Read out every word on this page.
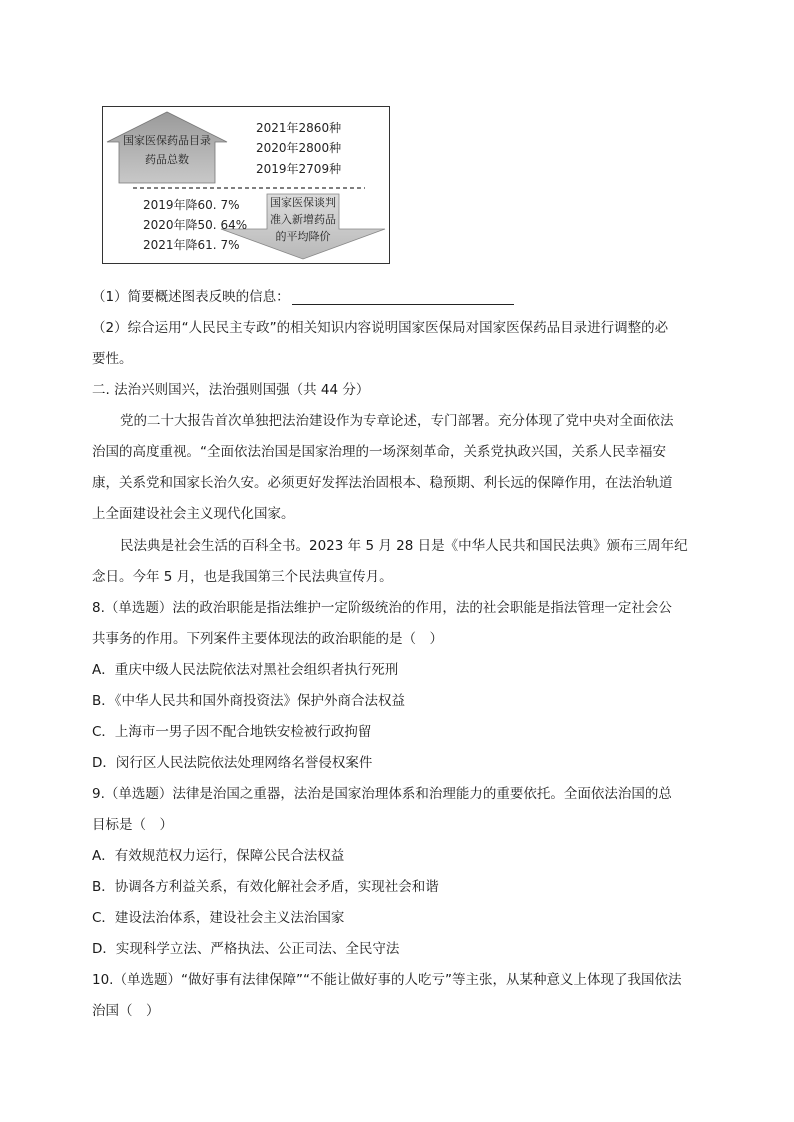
国家医保药品目录
药品总数
2021年2860种
2020年2800种
2019年2709种
2019年降60. 7%
2020年降50. 64%
2021年降61. 7%
国家医保谈判
准入新增药品
的平均降价
（1）简要概述图表反映的信息：
（2）综合运用“人民民主专政”的相关知识内容说明国家医保局对国家医保药品目录进行调整的必
要性。
二. 法治兴则国兴，法治强则国强（共 44 分）
党的二十大报告首次单独把法治建设作为专章论述，专门部署。充分体现了党中央对全面依法
治国的高度重视。“全面依法治国是国家治理的一场深刻革命，关系党执政兴国，关系人民幸福安
康，关系党和国家长治久安。必须更好发挥法治固根本、稳预期、利长远的保障作用，在法治轨道
上全面建设社会主义现代化国家。
民法典是社会生活的百科全书。2023 年 5 月 28 日是《中华人民共和国民法典》颁布三周年纪
念日。今年 5 月，也是我国第三个民法典宣传月。
8.（单选题）法的政治职能是指法维护一定阶级统治的作用，法的社会职能是指法管理一定社会公
共事务的作用。下列案件主要体现法的政治职能的是（　）
A．重庆中级人民法院依法对黑社会组织者执行死刑
B．《中华人民共和国外商投资法》保护外商合法权益
C．上海市一男子因不配合地铁安检被行政拘留
D．闵行区人民法院依法处理网络名誉侵权案件
9.（单选题）法律是治国之重器，法治是国家治理体系和治理能力的重要依托。全面依法治国的总
目标是（　）
A．有效规范权力运行，保障公民合法权益
B．协调各方利益关系，有效化解社会矛盾，实现社会和谐
C．建设法治体系，建设社会主义法治国家
D．实现科学立法、严格执法、公正司法、全民守法
10.（单选题）“做好事有法律保障”“不能让做好事的人吃亏”等主张，从某种意义上体现了我国依法
治国（　）
